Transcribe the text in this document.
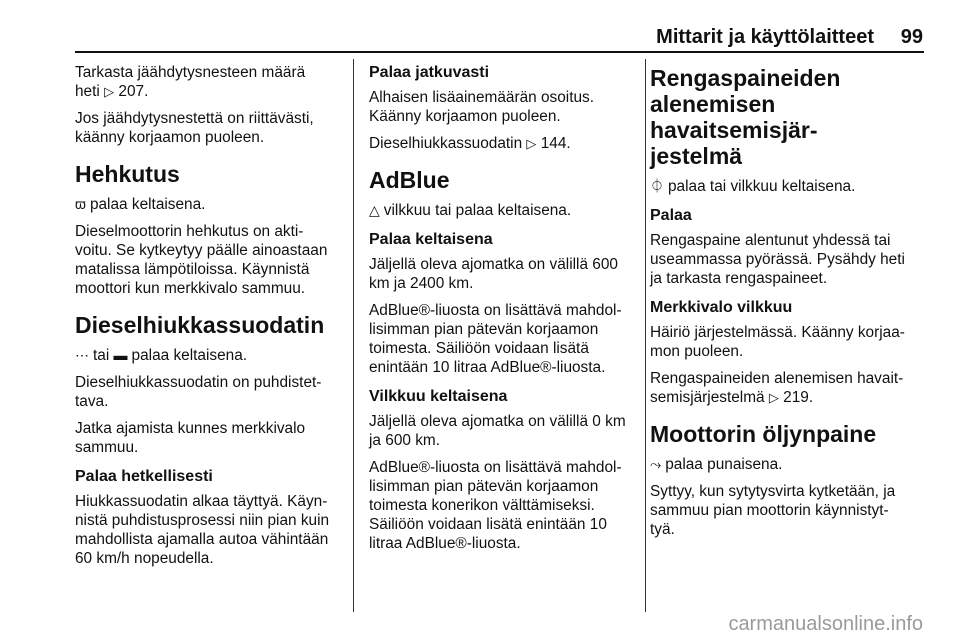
Mittarit ja käyttölaitteet 99

Tarkasta jäähdytysnesteen määrä
heti ▷ 207.

Jos jäähdytysnestettä on riittävästi,
käänny korjaamon puoleen.

Hehkutus

ϖ palaa keltaisena.

Dieselmoottorin hehkutus on akti-
voitu. Se kytkeytyy päälle ainoastaan
matalissa lämpötiloissa. Käynnistä
moottori kun merkkivalo sammuu.

Dieselhiukkassuodatin

⋯ tai ▬ palaa keltaisena.

Dieselhiukkassuodatin on puhdistet-
tava.

Jatka ajamista kunnes merkkivalo
sammuu.

Palaa hetkellisesti

Hiukkassuodatin alkaa täyttyä. Käyn-
nistä puhdistusprosessi niin pian kuin
mahdollista ajamalla autoa vähintään
60 km/h nopeudella.

Palaa jatkuvasti

Alhaisen lisäainemäärän osoitus.
Käänny korjaamon puoleen.

Dieselhiukkassuodatin ▷ 144.

AdBlue

△ vilkkuu tai palaa keltaisena.

Palaa keltaisena

Jäljellä oleva ajomatka on välillä 600
km ja 2400 km.

AdBlue®-liuosta on lisättävä mahdol-
lisimman pian pätevän korjaamon
toimesta. Säiliöön voidaan lisätä
enintään 10 litraa AdBlue®-liuosta.

Vilkkuu keltaisena

Jäljellä oleva ajomatka on välillä 0 km
ja 600 km.

AdBlue®-liuosta on lisättävä mahdol-
lisimman pian pätevän korjaamon
toimesta konerikon välttämiseksi.
Säiliöön voidaan lisätä enintään 10
litraa AdBlue®-liuosta.

Rengaspaineiden
alenemisen havaitsemisjär-
jestelmä

⏀ palaa tai vilkkuu keltaisena.

Palaa

Rengaspaine alentunut yhdessä tai
useammassa pyörässä. Pysähdy heti
ja tarkasta rengaspaineet.

Merkkivalo vilkkuu

Häiriö järjestelmässä. Käänny korjaa-
mon puoleen.

Rengaspaineiden alenemisen havait-
semisjärjestelmä ▷ 219.

Moottorin öljynpaine

⤳ palaa punaisena.

Syttyy, kun sytytysvirta kytketään, ja
sammuu pian moottorin käynnistyt-
tyä.

carmanualsonline.info
